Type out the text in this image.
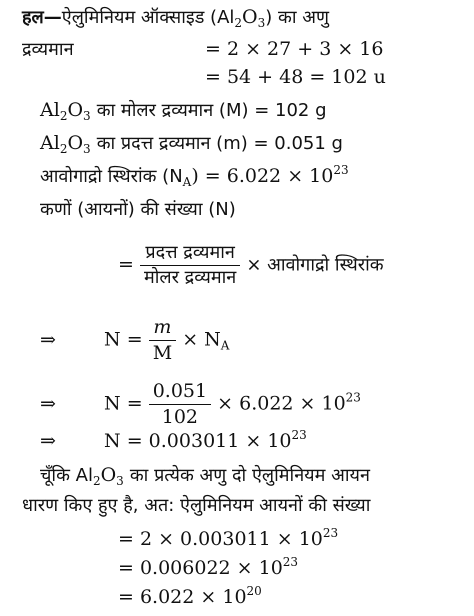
हल—ऐलुमिनियम ऑक्साइड $(Al_2O_3)$ का अणु
द्रव्यमान	= 2 × 27 + 3 × 16
= 54 + 48 = 102 u
$Al_2O_3$ का मोलर द्रव्यमान (M) = 102 g
$Al_2O_3$ का प्रदत्त द्रव्यमान (m) = 0.051 g
आवोगाद्रो स्थिरांक $(N_A) = 6.022 \times 10^{23}$
कणों (आयनों) की संख्या (N)
= $\frac{\text{प्रदत्त द्रव्यमान}}{\text{मोलर द्रव्यमान}}$ × आवोगाद्रो स्थिरांक
⇒	$N = \frac{m}{M} \times N_A$
⇒	$N = \frac{0.051}{102} \times 6.022 \times 10^{23}$
⇒	$N = 0.003011 \times 10^{23}$
चूँकि $Al_2O_3$ का प्रत्येक अणु दो ऐलुमिनियम आयन
धारण किए हुए है, अत: ऐलुमिनियम आयनों की संख्या
= $2 \times 0.003011 \times 10^{23}$
= $0.006022 \times 10^{23}$
= $6.022 \times 10^{20}$
